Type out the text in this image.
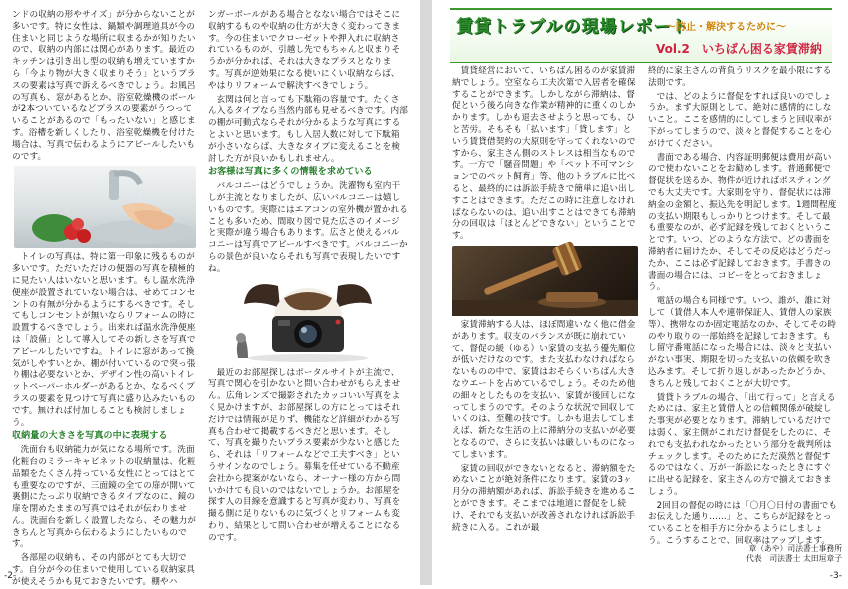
ンドの収納の形やサイズ」が分からないことが多いです。特に女性は、鍋類や調理道具が今の住まいと同じような場所に収まるかが知りたいので、収納の内部には関心があります。最近のキッチンは引き出し型の収納も増えていますから「今より物が大きく収まりそう」というプラスの要素は写真で訴えるべきでしょう。お風呂の写真も、窓があるとか、浴室乾燥機のボールが2本ついているなどプラスの要素がうつっていることがあるので「もったいない」と感じます。浴槽を新しくしたり、浴室乾燥機を付けた場合は、写真で伝わるようにアピールしたいものです。

トイレの写真は、特に第一印象に残るものが多いです。ただいただけの便器の写真を積極的に見たい人はいないと思います。もし温水洗浄便座が設置されていない場合は、せめてコンセントの有無が分かるようにするべきです。そしてもしコンセントが無いならリフォームの時に設置するべきでしょう。出来れば温水洗浄便座は「設備」として導入してその新しさを写真でアピールしたいですね。トイレに窓があって換気がしやすいとか、棚が付いているので突っ張り棚は必要ないとか、デザイン性の高いトイレットペーパーホルダーがあるとか、なるべくプラスの要素を見つけて写真に盛り込みたいものです。無ければ付加しることも検討しましょう。

収納量の大きさを写真の中に表現する

洗面台も収納能力が気になる場所です。洗面化粧台のミラーキャビネットの収納量は、化粧品類をたくさん持っている女性にとってはとても重要なのですが、三面鏡の全ての扉が開いて裏側にたっぷり収納できるタイプなのに、鏡の扉を閉めたままの写真ではそれが伝わりません。洗面台を新しく設置したなら、その魅力がきちんと写真から伝わるようにしたいものです。

各部屋の収納も、その内部がとても大切です。自分が今の住まいで使用している収納家具が使えそうかも見ておきたいです。棚やハ

ンガーボールがある場合となない場合ではそこに収納するものや収納の仕方が大きく変わってきます。今の住まいでクローゼットや押入れに収納されているものが、引越し先でもちゃんと収まりそうかが分かれば、それは大きなプラスとなります。写真が逆効果になる使いにくい収納ならば、やはりリフォームで解決すべきでしょう。

玄関は何と言っても下駄箱の容量です。たくさん入るタイプなら当然内部も見せるべきです。内部の棚が可動式ならそれが分かるような写真にするとよいと思います。もし入居人数に対して下駄箱が小さいならば、大きなタイプに変えることを検討した方が良いかもしれません。

お客様は写真に多くの情報を求めている

バルコニーはどうでしょうか。洗濯物も室内干しが主流となりましたが、広いバルコニーは嬉しいものです。実際にはエアコンの室外機が置かれることも多いため、間取り図で見た広さのイメージと実際が違う場合もあります。広さと使えるバルコニーは写真でアピールすべきです。バルコニーからの景色が良いならそれも写真で表現したいですね。

最近のお部屋探しはポータルサイトが主流で、写真で関心を引かないと問い合わせがもらえません。広角レンズで撮影されたカッコいい写真をよく見かけますが、お部屋探しの方にとってはそれだけでは情報が足りず、機能など詳細がわかる写真も合わせて掲載するべきだと思います。そして、写真を撮りたいプラス要素が少ないと感じたら、それは「リフォームなどで工夫すべき」というサインなのでしょう。募集を任せている不動産会社から提案がないなら、オーナー様の方から問いかけても良いのではないでしょうか。お部屋を探す人の目線を意識すると写真が変わり、写真を撮る側に足りないものに気づくとリフォームも変わり、結果として問い合わせが増えることになるのです。

-2-
賃貸トラブルの現場レポート
～防止・解決するために～
Vol.2　いちばん困る家賃滞納

賃貸経営において、いちばん困るのが家賃滞納でしょう。空室なら工夫次第で入居者を確保することができます。しかしながら滞納は、督促という後ろ向きな作業が精神的に重くのしかかります。しかも退去させようと思っても、ひと苦労。そもそも「払います」「貸します」という賃貸借契約の大原則を守ってくれないのですから、家主さん側のストレスは相当なものです。一方で「騒音問題」や「ペット不可マンションでのペット飼育」等、他のトラブルに比べると、最終的には訴訟手続きで簡単に追い出しすことはできます。ただこの時に注意しなければならないのは、追い出すことはできても滞納分の回収は「ほとんどできない」ということです。

家賃滞納する人は、ほぼ間違いなく他に借金があります。収支のバランスが既に崩れていて、督促の緩（ゆる）い家賃の支払う優先順位が低いだけなのです。また支払わなければならないものの中で、家賃はおそらくいちばん大きなウエートを占めているでしょう。そのため他の細々としたものを支払い、家賃が後回しになってしまうのです。そのような状況で回収していくのは、至難の技です。しかも退去してしまえば、新たな生活の上に滞納分の支払いが必要となるので、さらに支払いは厳しいものになってしまいます。

家賃の回収ができないとなると、滞納額をためないことが絶対条件になります。家賃の3ヶ月分の滞納額があれば、訴訟手続きを進めることができます。そこまでは地道に督促をし続け、それでも支払いが改善されなければ訴訟手続きに入る。これが最

終的に家主さんの背負うリスクを最小限にする法則です。

では、どのように督促をすれば良いのでしょうか。まず大原則として、絶対に感情的にしないこと。ここを感情的にしてしまうと回収率が下がってしまうので、淡々と督促することを心がけてください。

書面である場合、内容証明郵便は費用が高いので使わないことをお勧めします。普通郵便で督促状を送るか、物件が近ければポスティングでも大丈夫です。大家則を守り、督促状には滞納金の金額と、振込先を明記します。1週間程度の支払い期限もしっかりとつけます。そして最も重要なのが、必ず記録を残しておくということです。いつ、どのような方法で、どの書面を滞納者に届けたか、そしてその反応はどうだったか、ここは必ず記録しておきます。手書きの書面の場合には、コピーをとっておきましょう。

電話の場合も同様です。いつ、誰が、誰に対して（賃借人本人や連帯保証人、賃借人の家族等）、携帯なのか固定電話なのか、そしてその時のやり取りの一部始終を記録しておきます。もし留守番電話になった場合には、淡々と支払いがない事実、期限を切った支払いの依頼を吹き込みます。そして折り返しがあったかどうか、きちんと残しておくことが大切です。

賃貸トラブルの場合、「出て行って」と言えるためには、家主と賃借人との信頼関係が破綻した事実が必要となります。滞納しているだけでは弱く、家主側がこれだけ督促をしたのに、それでも支払われなかったという部分を裁判所はチェックします。そのためにただ漠然と督促するのではなく、万が一訴訟になったときにすぐに出せる記録を、家主さんの方で揃えておきましょう。

2回目の督促の時には「〇月〇日付の書面でもお伝えした通り……」と、こちらが記録をとっていることを相手方に分かるようにしましょう。こうすることで、回収率はアップします。

章（あや）司法書士事務所
代表　司法書士 太田垣章子
-3-
